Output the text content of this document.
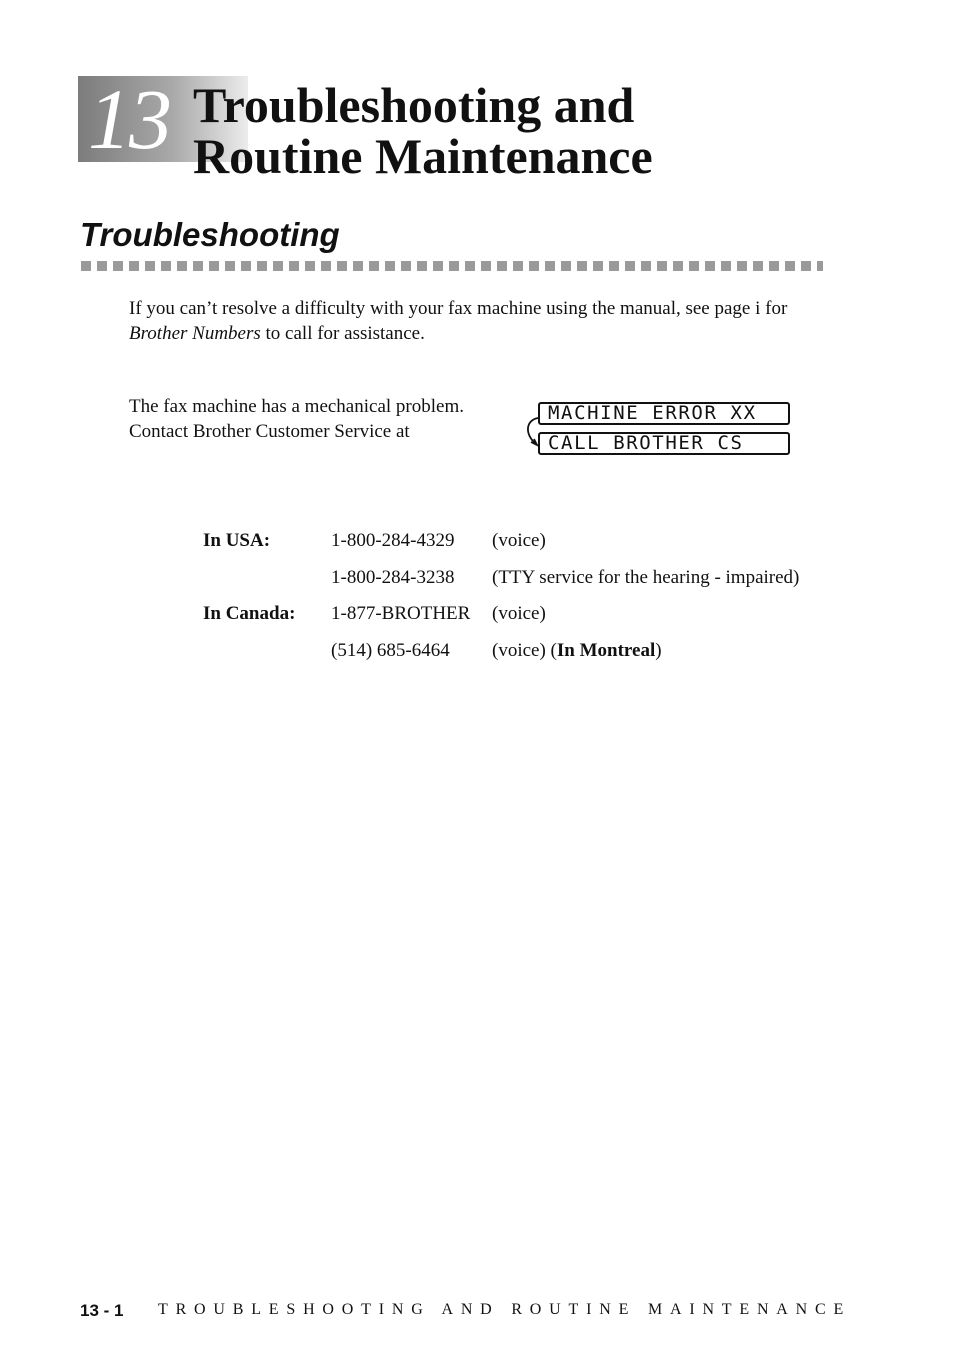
13 Troubleshooting and
Routine Maintenance
Troubleshooting
If you can’t resolve a difficulty with your fax machine using the manual, see page i for
Brother Numbers to call for assistance.
The fax machine has a mechanical problem.
Contact Brother Customer Service at
MACHINE ERROR XX
CALL BROTHER CS
In USA:	1-800-284-4329 (voice)
1-800-284-3238 (TTY service for the hearing - impaired)
In Canada: 1-877-BROTHER (voice)
(514) 685-6464 (voice) (In Montreal)
13 - 1 TROUBLESHOOTING AND ROUTINE MAINTENANCE
